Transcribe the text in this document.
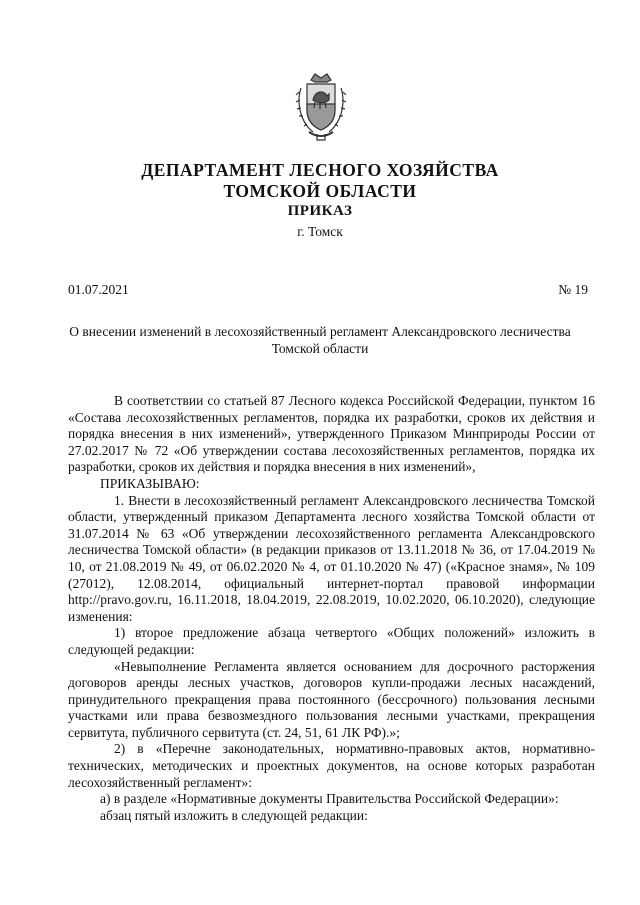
ДЕПАРТАМЕНТ ЛЕСНОГО ХОЗЯЙСТВА
ТОМСКОЙ ОБЛАСТИ
ПРИКАЗ
г. Томск
01.07.2021	№ 19
О внесении изменений в лесохозяйственный регламент Александровского лесничества Томской области

В соответствии со статьей 87 Лесного кодекса Российской Федерации, пунктом 16 «Состава лесохозяйственных регламентов, порядка их разработки, сроков их действия и порядка внесения в них изменений», утвержденного Приказом Минприроды России от 27.02.2017 № 72 «Об утверждении состава лесохозяйственных регламентов, порядка их разработки, сроков их действия и порядка внесения в них изменений»,

ПРИКАЗЫВАЮ:

1. Внести в лесохозяйственный регламент Александровского лесничества Томской области, утвержденный приказом Департамента лесного хозяйства Томской области от 31.07.2014 № 63 «Об утверждении лесохозяйственного регламента Александровского лесничества Томской области» (в редакции приказов от 13.11.2018 № 36, от 17.04.2019 № 10, от 21.08.2019 № 49, от 06.02.2020 № 4, от 01.10.2020 № 47) («Красное знамя», № 109 (27012), 12.08.2014, официальный интернет-портал правовой информации http://pravo.gov.ru, 16.11.2018, 18.04.2019, 22.08.2019, 10.02.2020, 06.10.2020), следующие изменения:

1) второе предложение абзаца четвертого «Общих положений» изложить в следующей редакции:

«Невыполнение Регламента является основанием для досрочного расторжения договоров аренды лесных участков, договоров купли-продажи лесных насаждений, принудительного прекращения права постоянного (бессрочного) пользования лесными участками или права безвозмездного пользования лесными участками, прекращения сервитута, публичного сервитута (ст. 24, 51, 61 ЛК РФ).»;

2) в «Перечне законодательных, нормативно-правовых актов, нормативно-технических, методических и проектных документов, на основе которых разработан лесохозяйственный регламент»:

а) в разделе «Нормативные документы Правительства Российской Федерации»:

абзац пятый изложить в следующей редакции:
